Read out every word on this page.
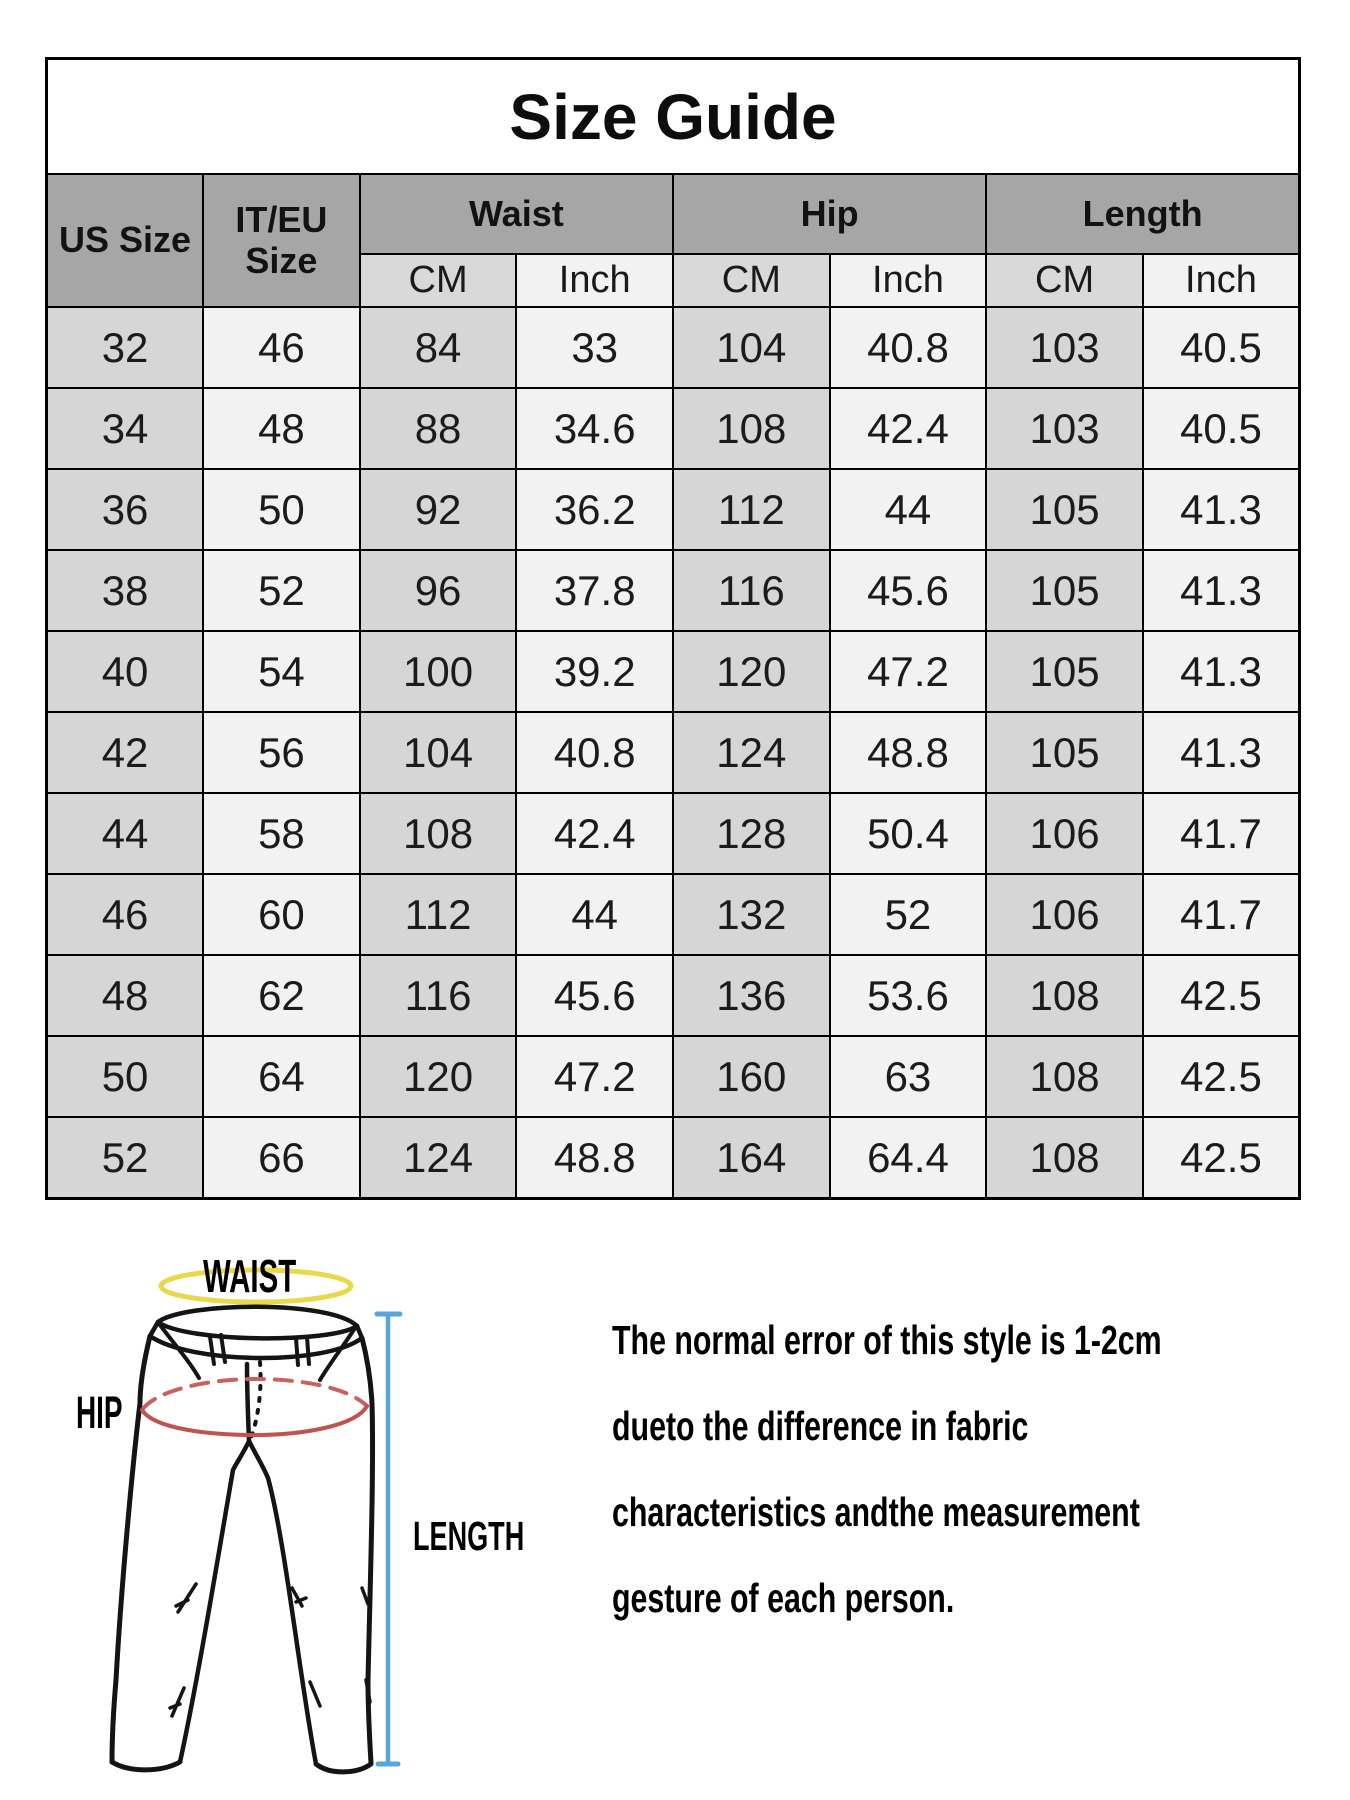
Size Guide							
US Size	IT/EU Size	Waist		Hip		Length	
		CM	Inch	CM	Inch	CM	Inch
32	46	84	33	104	40.8	103	40.5
34	48	88	34.6	108	42.4	103	40.5
36	50	92	36.2	112	44	105	41.3
38	52	96	37.8	116	45.6	105	41.3
40	54	100	39.2	120	47.2	105	41.3
42	56	104	40.8	124	48.8	105	41.3
44	58	108	42.4	128	50.4	106	41.7
46	60	112	44	132	52	106	41.7
48	62	116	45.6	136	53.6	108	42.5
50	64	120	47.2	160	63	108	42.5
52	66	124	48.8	164	64.4	108	42.5
WAIST
HIP
LENGTH
The normal error of this style is 1-2cm
dueto the difference in fabric
characteristics andthe measurement
gesture of each person.
